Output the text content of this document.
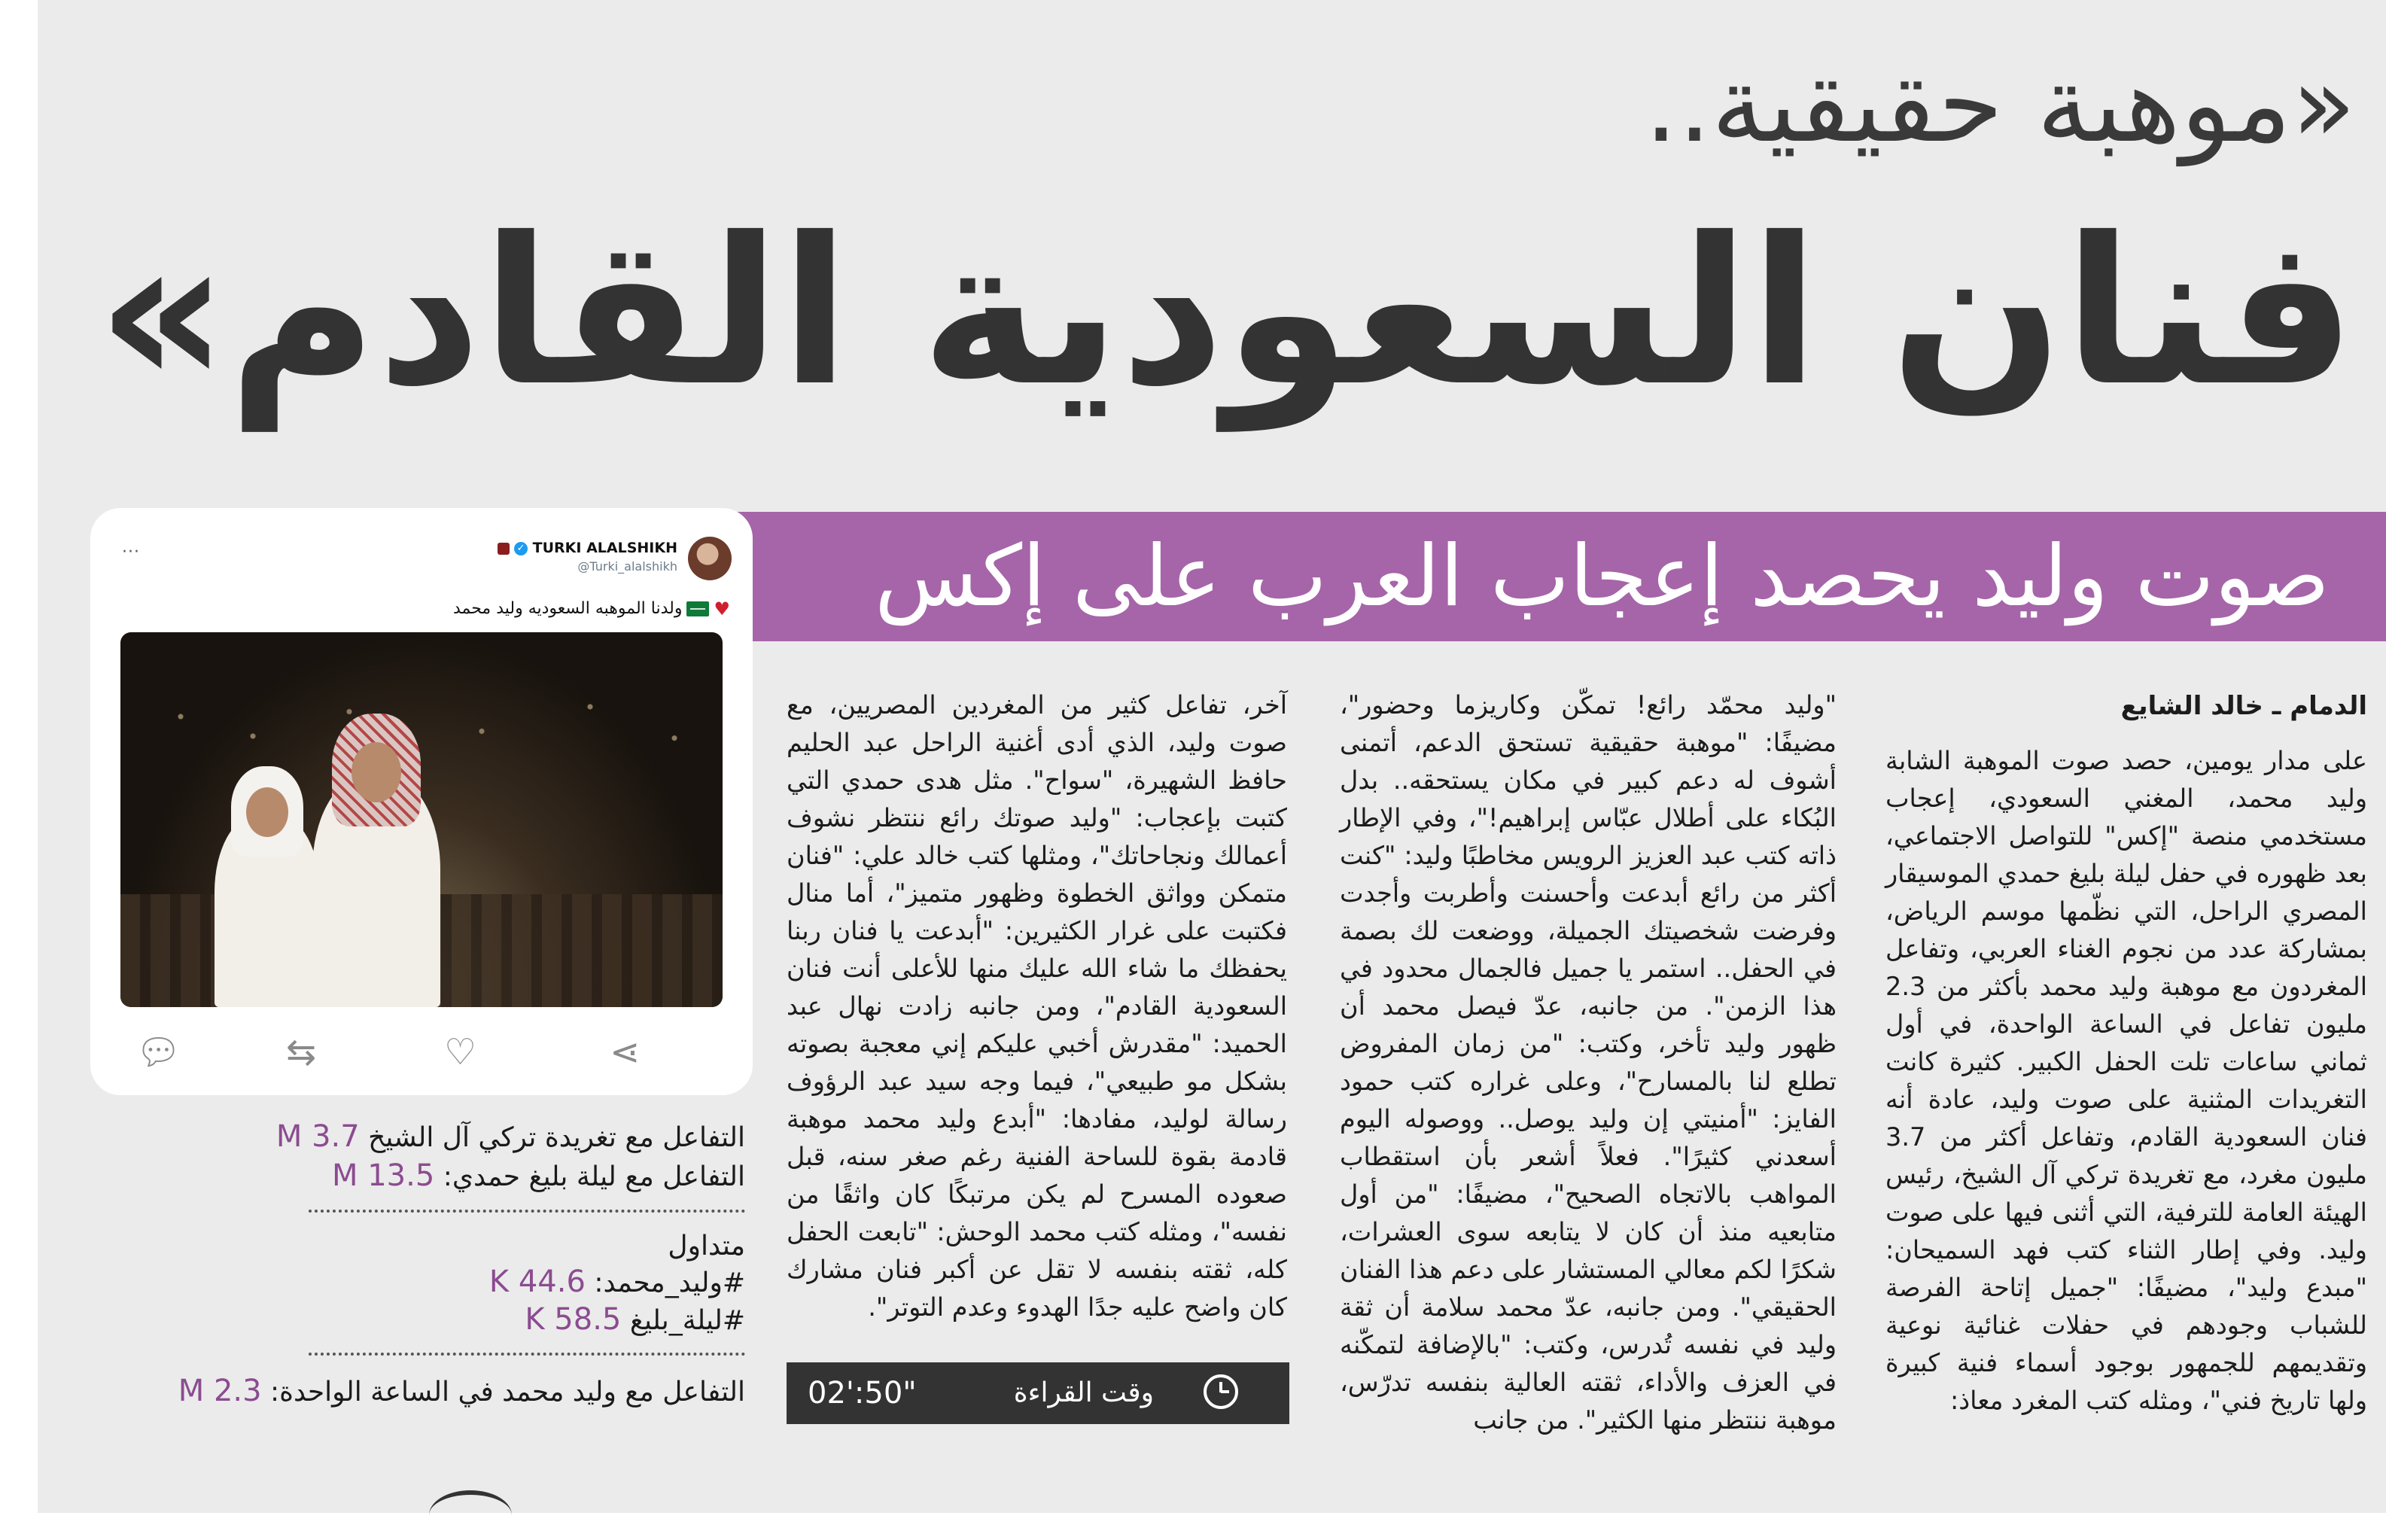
«موهبة حقيقية..
فنان السعودية القادم»
صوت وليد يحصد إعجاب العرب على إكس
✓ TURKI ALALSHIKH
@Turki_alalshikh
···
♥ولدنا الموهبه السعوديه وليد محمد
💬︎	⇆	♡	⋖
التفاعل مع تغريدة تركي آل الشيخ 3.7 M
التفاعل مع ليلة بليغ حمدي: 13.5 M
متداول
#وليد_محمد: 44.6 K
#ليلة_بليغ 58.5 K
التفاعل مع وليد محمد في الساعة الواحدة: 2.3 M

الدمام ـ خالد الشايع

على مدار يومين، حصد صوت الموهبة الشابة وليد محمد، المغني السعودي، إعجاب مستخدمي منصة "إكس" للتواصل الاجتماعي، بعد ظهوره في حفل ليلة بليغ حمدي الموسيقار المصري الراحل، التي نظّمها موسم الرياض، بمشاركة عدد من نجوم الغناء العربي، وتفاعل المغردون مع موهبة وليد محمد بأكثر من 2.3 مليون تفاعل في الساعة الواحدة، في أول ثماني ساعات تلت الحفل الكبير. كثيرة كانت التغريدات المثنية على صوت وليد، عادة أنه فنان السعودية القادم، وتفاعل أكثر من 3.7 مليون مغرد، مع تغريدة تركي آل الشيخ، رئيس الهيئة العامة للترفية، التي أثنى فيها على صوت وليد. وفي إطار الثناء كتب فهد السميحان: "مبدع وليد"، مضيفًا: "جميل إتاحة الفرصة للشباب وجودهم في حفلات غنائية نوعية وتقديمهم للجمهور بوجود أسماء فنية كبيرة ولها تاريخ فني"، ومثله كتب المغرد معاذ:

"وليد محمّد رائع! تمكّن وكاريزما وحضور"، مضيفًا: "موهبة حقيقية تستحق الدعم، أتمنى أشوف له دعم كبير في مكان يستحقه.. بدل البُكاء على أطلال عبّاس إبراهيم!"، وفي الإطار ذاته كتب عبد العزيز الرويس مخاطبًا وليد: "كنت أكثر من رائع أبدعت وأحسنت وأطربت وأجدت وفرضت شخصيتك الجميلة، ووضعت لك بصمة في الحفل.. استمر يا جميل فالجمال محدود في هذا الزمن". من جانبه، عدّ فيصل محمد أن ظهور وليد تأخر، وكتب: "من زمان المفروض تطلع لنا بالمسارح"، وعلى غراره كتب حمود الفايز: "أمنيتي إن وليد يوصل.. ووصوله اليوم أسعدني كثيرًا". فعلاً أشعر بأن استقطاب المواهب بالاتجاه الصحيح"، مضيفًا: "من أول متابعيه منذ أن كان لا يتابعه سوى العشرات، شكرًا لكم معالي المستشار على دعم هذا الفنان الحقيقي". ومن جانبه، عدّ محمد سلامة أن ثقة وليد في نفسه تُدرس، وكتب: "بالإضافة لتمكّنه في العزف والأداء، ثقته العالية بنفسه تدرّس، موهبة ننتظر منها الكثير". من جانب

آخر، تفاعل كثير من المغردين المصريين، مع صوت وليد، الذي أدى أغنية الراحل عبد الحليم حافظ الشهيرة، "سواح". مثل هدى حمدي التي كتبت بإعجاب: "وليد صوتك رائع ننتظر نشوف أعمالك ونجاحاتك"، ومثلها كتب خالد علي: "فنان متمكن وواثق الخطوة وظهور متميز"، أما منال فكتبت على غرار الكثيرين: "أبدعت يا فنان ربنا يحفظك ما شاء الله عليك منها للأعلى أنت فنان السعودية القادم"، ومن جانبه زادت نهال عبد الحميد: "مقدرش أخبي عليكم إني معجبة بصوته بشكل مو طبيعي"، فيما وجه سيد عبد الرؤوف رسالة لوليد، مفادها: "أبدع وليد محمد موهبة قادمة بقوة للساحة الفنية رغم صغر سنه، قبل صعوده المسرح لم يكن مرتبكًا كان واثقًا من نفسه"، ومثله كتب محمد الوحش: "تابعت الحفل كله، ثقته بنفسه لا تقل عن أكبر فنان مشارك كان واضح عليه جدًا الهدوء وعدم التوتر".

وقت القراءة
02':50"
